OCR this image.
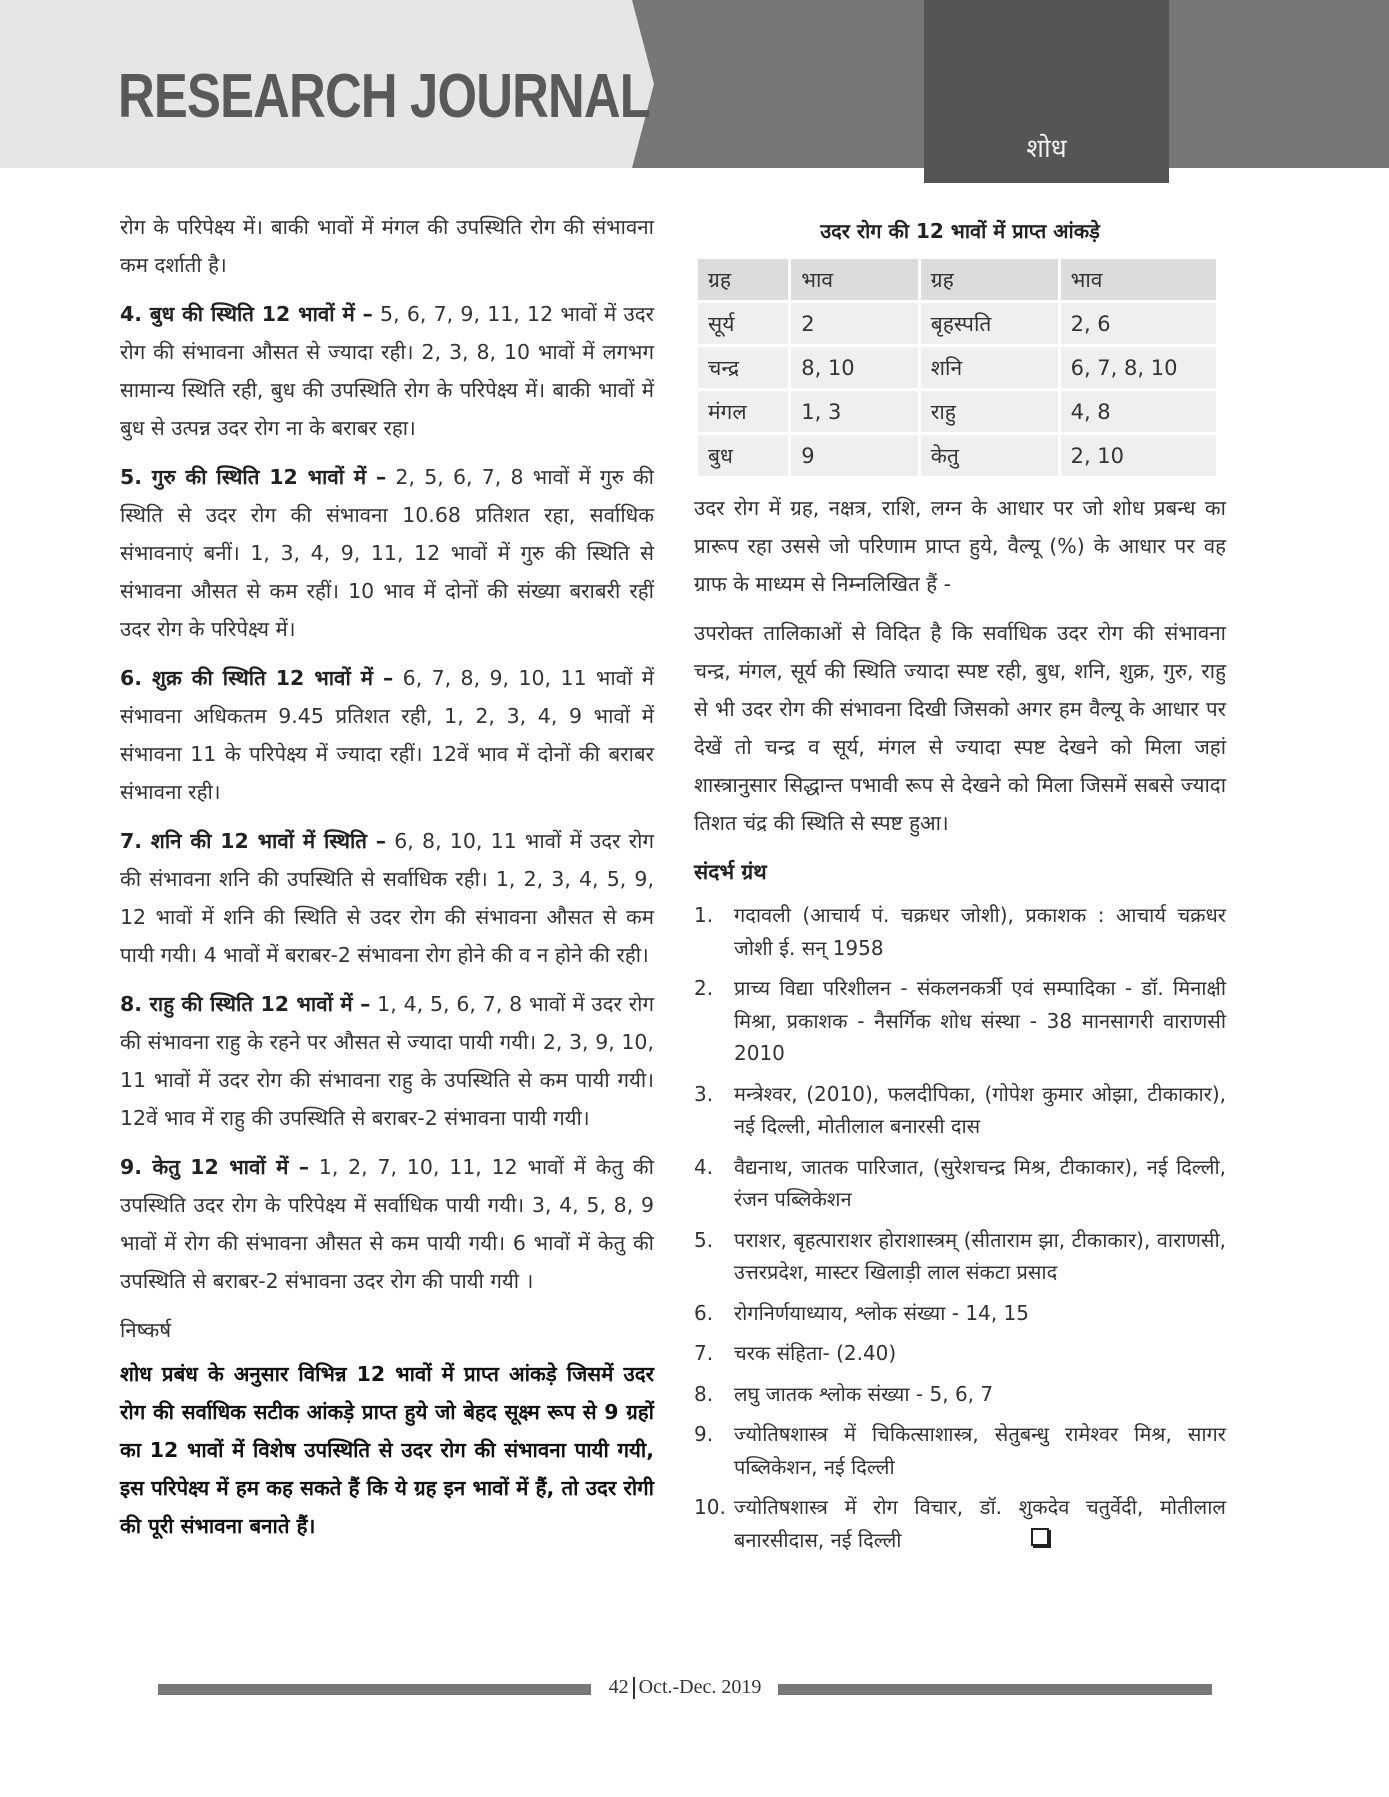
शोध
RESEARCH JOURNAL

रोग के परिपेक्ष्य में। बाकी भावों में मंगल की उपस्थिति रोग की संभावना कम दर्शाती है।

4. बुध की स्थिति 12 भावों में – 5, 6, 7, 9, 11, 12 भावों में उदर रोग की संभावना औसत से ज्यादा रही। 2, 3, 8, 10 भावों में लगभग सामान्य स्थिति रही, बुध की उपस्थिति रोग के परिपेक्ष्य में। बाकी भावों में बुध से उत्पन्न उदर रोग ना के बराबर रहा।

5. गुरु की स्थिति 12 भावों में – 2, 5, 6, 7, 8 भावों में गुरु की स्थिति से उदर रोग की संभावना 10.68 प्रतिशत रहा, सर्वाधिक संभावनाएं बनीं। 1, 3, 4, 9, 11, 12 भावों में गुरु की स्थिति से संभावना औसत से कम रहीं। 10 भाव में दोनों की संख्या बराबरी रहीं उदर रोग के परिपेक्ष्य में।

6. शुक्र की स्थिति 12 भावों में – 6, 7, 8, 9, 10, 11 भावों में संभावना अधिकतम 9.45 प्रतिशत रही, 1, 2, 3, 4, 9 भावों में संभावना 11 के परिपेक्ष्य में ज्यादा रहीं। 12वें भाव में दोनों की बराबर संभावना रही।

7. शनि की 12 भावों में स्थिति – 6, 8, 10, 11 भावों में उदर रोग की संभावना शनि की उपस्थिति से सर्वाधिक रही। 1, 2, 3, 4, 5, 9, 12 भावों में शनि की स्थिति से उदर रोग की संभावना औसत से कम पायी गयी। 4 भावों में बराबर-2 संभावना रोग होने की व न होने की रही।

8. राहु की स्थिति 12 भावों में – 1, 4, 5, 6, 7, 8 भावों में उदर रोग की संभावना राहु के रहने पर औसत से ज्यादा पायी गयी। 2, 3, 9, 10, 11 भावों में उदर रोग की संभावना राहु के उपस्थिति से कम पायी गयी। 12वें भाव में राहु की उपस्थिति से बराबर-2 संभावना पायी गयी।

9. केतु 12 भावों में – 1, 2, 7, 10, 11, 12 भावों में केतु की उपस्थिति उदर रोग के परिपेक्ष्य में सर्वाधिक पायी गयी। 3, 4, 5, 8, 9 भावों में रोग की संभावना औसत से कम पायी गयी। 6 भावों में केतु की उपस्थिति से बराबर-2 संभावना उदर रोग की पायी गयी ।

निष्कर्ष

शोध प्रबंध के अनुसार विभिन्न 12 भावों में प्राप्त आंकड़े जिसमें उदर रोग की सर्वाधिक सटीक आंकड़े प्राप्त हुये जो बेहद सूक्ष्म रूप से 9 ग्रहों का 12 भावों में विशेष उपस्थिति से उदर रोग की संभावना पायी गयी, इस परिपेक्ष्य में हम कह सकते हैं कि ये ग्रह इन भावों में हैं, तो उदर रोगी की पूरी संभावना बनाते हैं।

उदर रोग की 12 भावों में प्राप्त आंकड़े
ग्रह	भाव	ग्रह	भाव
सूर्य	2	बृहस्पति	2, 6
चन्द्र	8, 10	शनि	6, 7, 8, 10
मंगल	1, 3	राहु	4, 8
बुध	9	केतु	2, 10

उदर रोग में ग्रह, नक्षत्र, राशि, लग्न के आधार पर जो शोध प्रबन्ध का प्रारूप रहा उससे जो परिणाम प्राप्त हुये, वैल्यू (%) के आधार पर वह ग्राफ के माध्यम से निम्नलिखित हैं -

उपरोक्त तालिकाओं से विदित है कि सर्वाधिक उदर रोग की संभावना चन्द्र, मंगल, सूर्य की स्थिति ज्यादा स्पष्ट रही, बुध, शनि, शुक्र, गुरु, राहु से भी उदर रोग की संभावना दिखी जिसको अगर हम वैल्यू के आधार पर देखें तो चन्द्र व सूर्य, मंगल से ज्यादा स्पष्ट देखने को मिला जहां शास्त्रानुसार सिद्धान्त पभावी रूप से देखने को मिला जिसमें सबसे ज्यादा तिशत चंद्र की स्थिति से स्पष्ट हुआ।

संदर्भ ग्रंथ
1.	गदावली (आचार्य पं. चक्रधर जोशी), प्रकाशक : आचार्य चक्रधर जोशी ई. सन् 1958
2.	प्राच्य विद्या परिशीलन - संकलनकर्त्री एवं सम्पादिका - डॉ. मिनाक्षी मिश्रा, प्रकाशक - नैसर्गिक शोध संस्था - 38 मानसागरी वाराणसी 2010
3.	मन्त्रेश्वर, (2010), फलदीपिका, (गोपेश कुमार ओझा, टीकाकार), नई दिल्ली, मोतीलाल बनारसी दास
4.	वैद्यनाथ, जातक पारिजात, (सुरेशचन्द्र मिश्र, टीकाकार), नई दिल्ली, रंजन पब्लिकेशन
5.	पराशर, बृहत्पाराशर होराशास्त्रम् (सीताराम झा, टीकाकार), वाराणसी, उत्तरप्रदेश, मास्टर खिलाड़ी लाल संकटा प्रसाद
6.	रोगनिर्णयाध्याय, श्लोक संख्या - 14, 15
7.	चरक संहिता- (2.40)
8.	लघु जातक श्लोक संख्या - 5, 6, 7
9.	ज्योतिषशास्त्र में चिकित्साशास्त्र, सेतुबन्धु रामेश्वर मिश्र, सागर पब्लिकेशन, नई दिल्ली
10. ज्योतिषशास्त्र में रोग विचार, डॉ. शुकदेव चतुर्वेदी, मोतीलाल बनारसीदास, नई दिल्ली
42 Oct.-Dec. 2019
